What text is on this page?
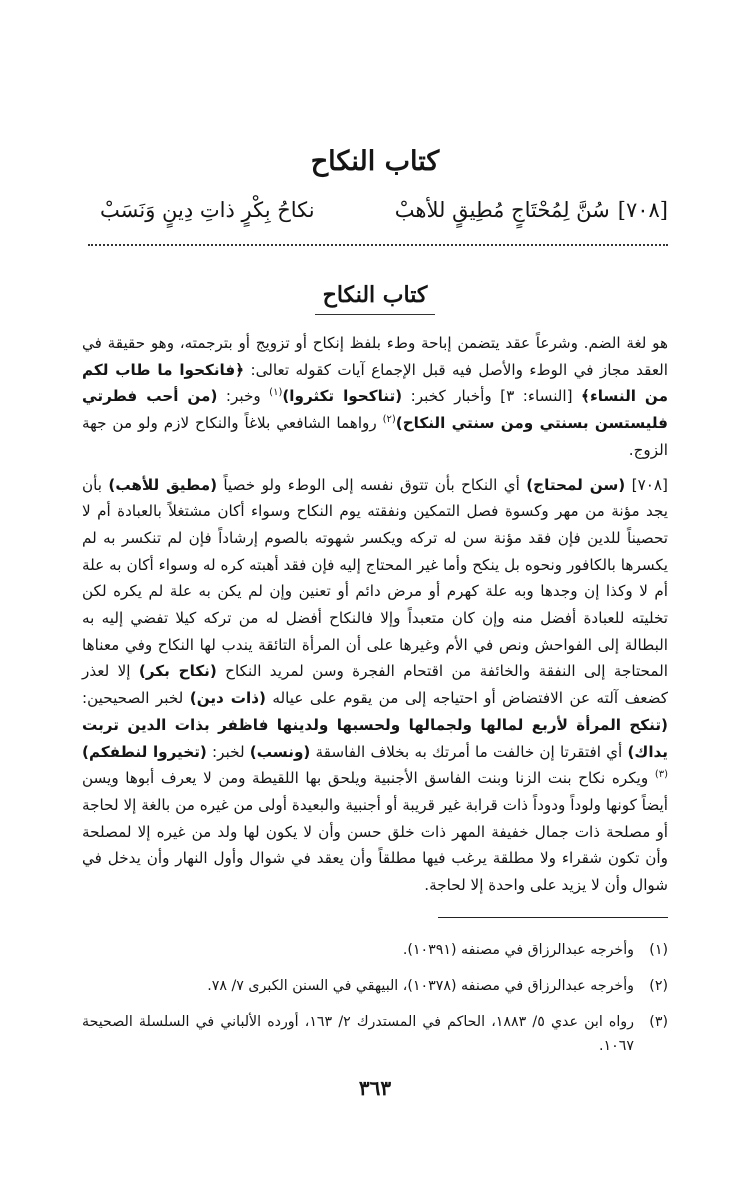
كتاب النكاح
[٧٠٨]
سُنَّ لِمُحْتَاجٍ مُطِيقٍ للأهبْ
نكاحُ بِكْرٍ ذاتِ دِينٍ وَنَسَبْ
كتاب النكاح

هو لغة الضم. وشرعاً عقد يتضمن إباحة وطء بلفظ إنكاح أو تزويج أو بترجمته، وهو حقيقة في العقد مجاز في الوطء والأصل فيه قبل الإجماع آيات كقوله تعالى: ﴿فانكحوا ما طاب لكم من النساء﴾ [النساء: ٣] وأخبار كخبر: (تناكحوا تكثروا)$^{(١)}$ وخبر: (من أحب فطرتي فليستسن بسنتي ومن سنتي النكاح)$^{(٢)}$ رواهما الشافعي بلاغاً والنكاح لازم ولو من جهة الزوج.

[٧٠٨] (سن لمحتاج) أي النكاح بأن تتوق نفسه إلى الوطء ولو خصياً (مطيق للأهب) بأن يجد مؤنة من مهر وكسوة فصل التمكين ونفقته يوم النكاح وسواء أكان مشتغلاً بالعبادة أم لا تحصيناً للدين فإن فقد مؤنة سن له تركه ويكسر شهوته بالصوم إرشاداً فإن لم تنكسر به لم يكسرها بالكافور ونحوه بل ينكح وأما غير المحتاج إليه فإن فقد أهبته كره له وسواء أكان به علة أم لا وكذا إن وجدها وبه علة كهرم أو مرض دائم أو تعنين وإن لم يكن به علة لم يكره لكن تخليته للعبادة أفضل منه وإن كان متعبداً وإلا فالنكاح أفضل له من تركه كيلا تفضي إليه به البطالة إلى الفواحش ونص في الأم وغيرها على أن المرأة التائقة يندب لها النكاح وفي معناها المحتاجة إلى النفقة والخائفة من اقتحام الفجرة وسن لمريد النكاح (نكاح بكر) إلا لعذر كضعف آلته عن الافتضاض أو احتياجه إلى من يقوم على عياله (ذات دين) لخبر الصحيحين: (تنكح المرأة لأربع لمالها ولجمالها ولحسبها ولدينها فاظفر بذات الدين تربت يداك) أي افتقرتا إن خالفت ما أمرتك به بخلاف الفاسقة (ونسب) لخبر: (تخيروا لنطفكم)$^{(٣)}$ ويكره نكاح بنت الزنا وبنت الفاسق الأجنبية ويلحق بها اللقيطة ومن لا يعرف أبوها ويسن أيضاً كونها ولوداً ودوداً ذات قرابة غير قريبة أو أجنبية والبعيدة أولى من غيره من بالغة إلا لحاجة أو مصلحة ذات جمال خفيفة المهر ذات خلق حسن وأن لا يكون لها ولد من غيره إلا لمصلحة وأن تكون شقراء ولا مطلقة يرغب فيها مطلقاً وأن يعقد في شوال وأول النهار وأن يدخل في شوال وأن لا يزيد على واحدة إلا لحاجة.

(١)
وأخرجه عبدالرزاق في مصنفه (١٠٣٩١).
(٢)
وأخرجه عبدالرزاق في مصنفه (١٠٣٧٨)، البيهقي في السنن الكبرى ٧/ ٧٨.
(٣)
رواه ابن عدي ٥/ ١٨٨٣، الحاكم في المستدرك ٢/ ١٦٣، أورده الألباني في السلسلة الصحيحة ١٠٦٧.
٣٦٣
